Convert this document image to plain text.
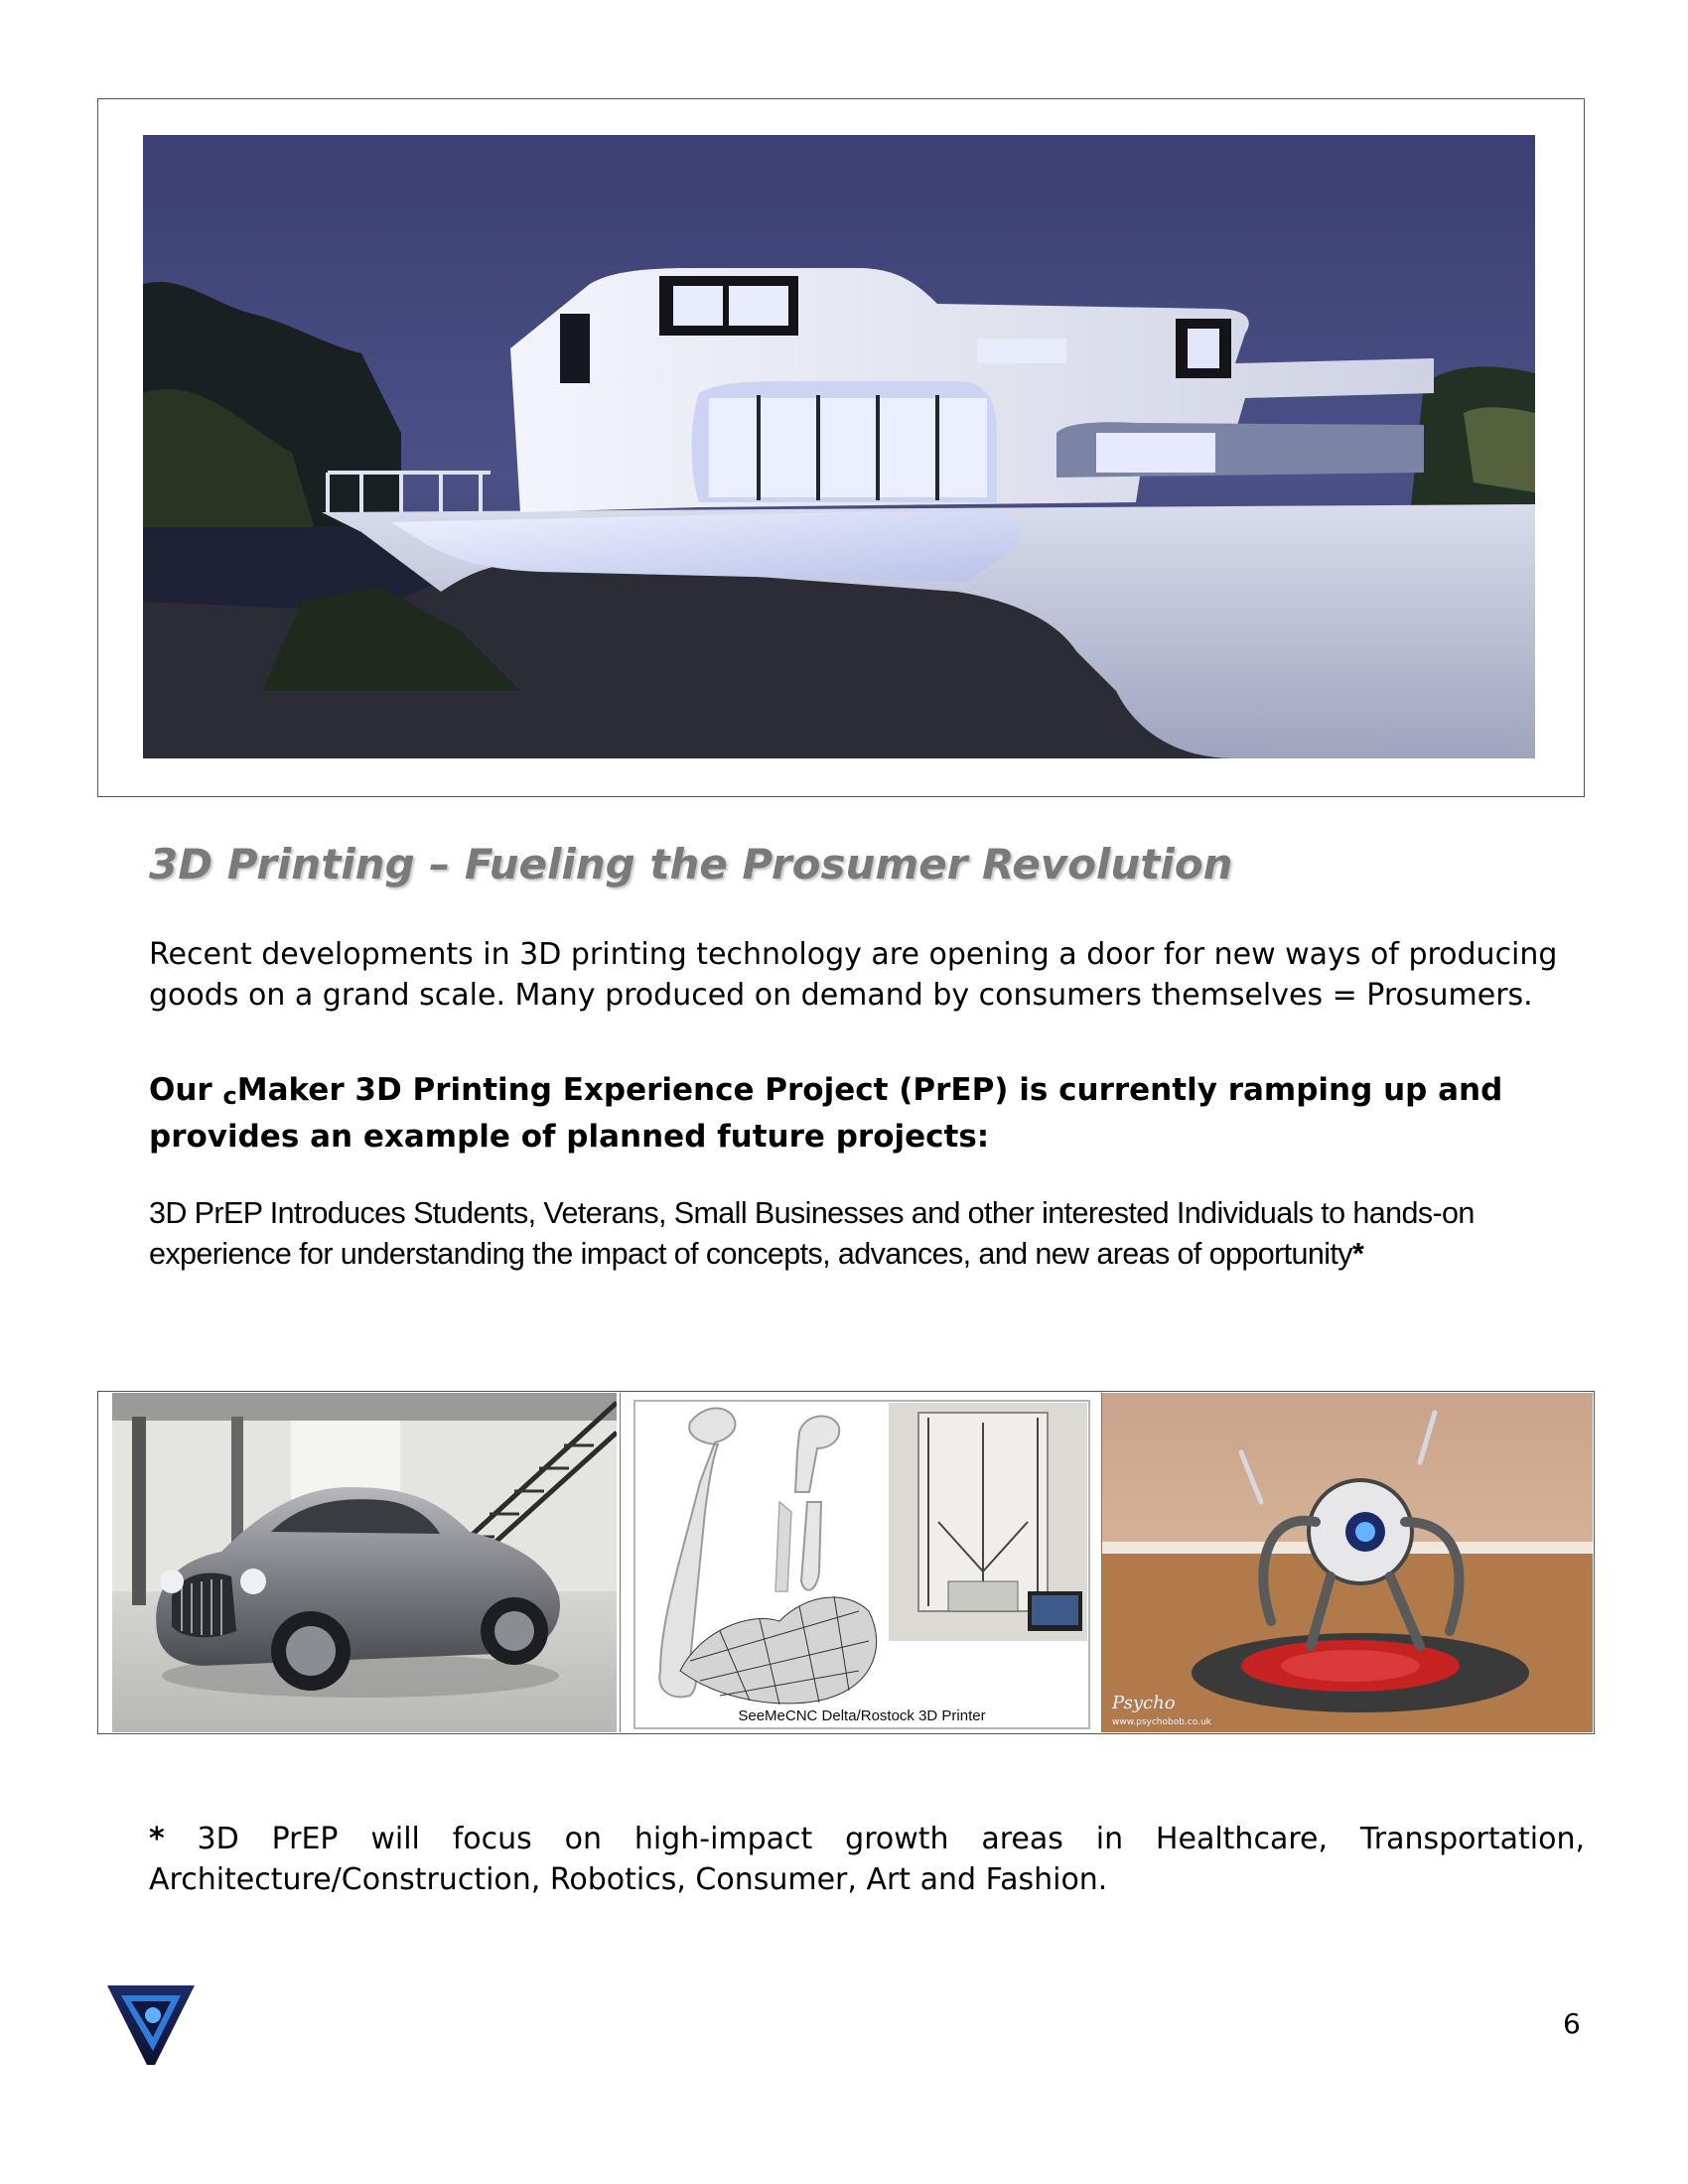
3D Printing – Fueling the Prosumer Revolution
Recent developments in 3D printing technology are opening a door for new ways of producing goods on a grand scale. Many produced on demand by consumers themselves = Prosumers.
Our cMaker 3D Printing Experience Project (PrEP) is currently ramping up and provides an example of planned future projects:
3D PrEP Introduces Students, Veterans, Small Businesses and other interested Individuals to hands-on experience for understanding the impact of concepts, advances, and new areas of opportunity*
SeeMeCNC Delta/Rostock 3D Printer
Psycho
www.psychobob.co.uk
* 3D PrEP will focus on high-impact growth areas in Healthcare, Transportation, Architecture/Construction, Robotics, Consumer, Art and Fashion.
6
